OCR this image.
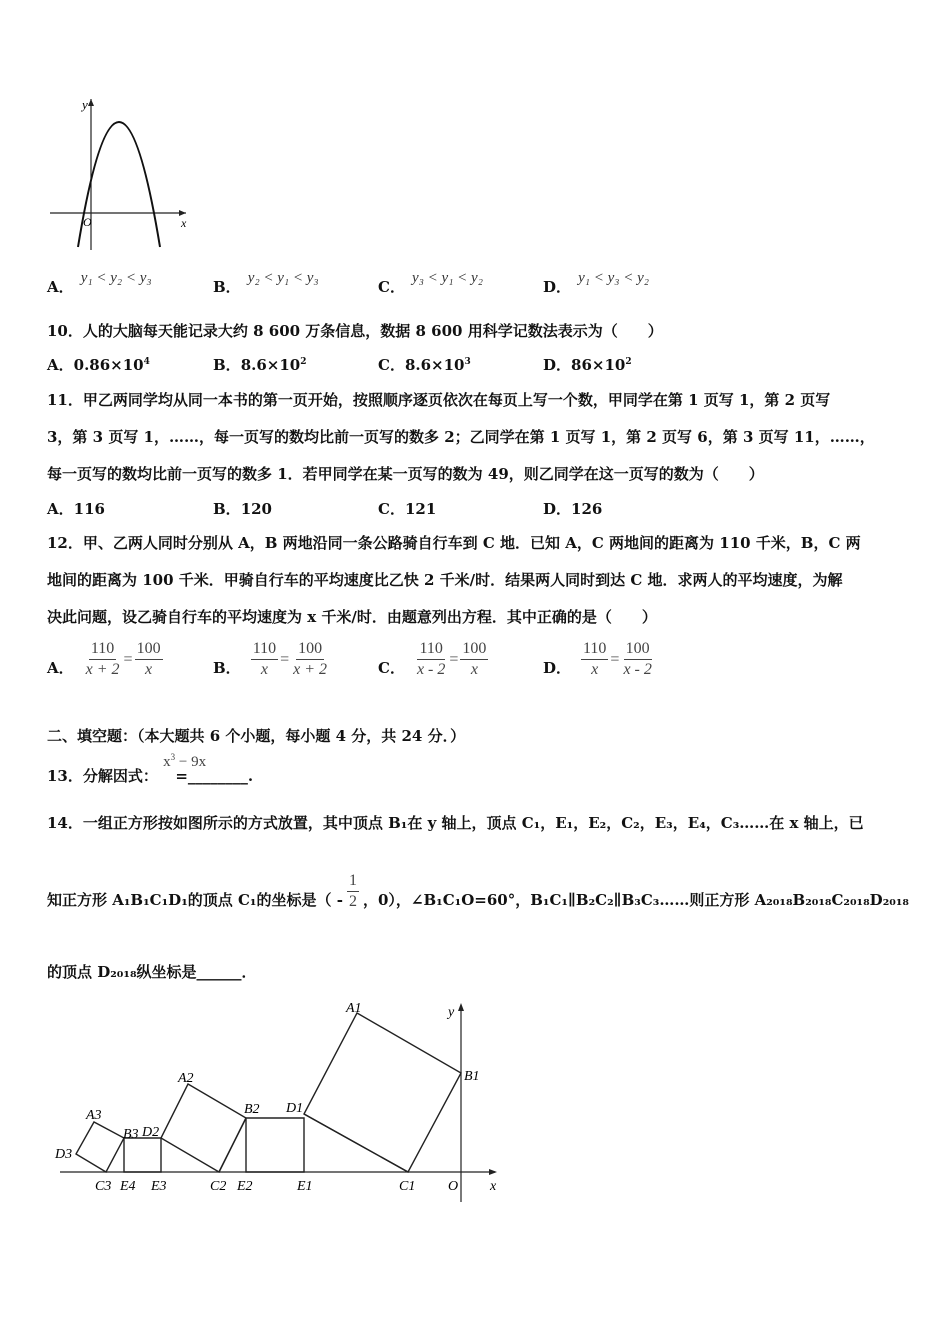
y
x
O
A． y₁ < y₂ < y₃	B． y₂ < y₁ < y₃	C． y₃ < y₁ < y₂	D． y₁ < y₃ < y₂
10．人的大脑每天能记录大约 8 600 万条信息，数据 8 600 用科学记数法表示为（　　）
A．$0.86\times 10^4$	B．$8.6\times 10^2$	C．$8.6\times 10^3$	D．$86\times 10^2$
11．甲乙两同学均从同一本书的第一页开始，按照顺序逐页依次在每页上写一个数，甲同学在第 1 页写 1，第 2 页写
3，第 3 页写 1，……，每一页写的数均比前一页写的数多 2；乙同学在第 1 页写 1，第 2 页写 6，第 3 页写 11，……，
每一页写的数均比前一页写的数多 1．若甲同学在某一页写的数为 49，则乙同学在这一页写的数为（　　）
A．116	B．120	C．121	D．126
12．甲、乙两人同时分别从 A，B 两地沿同一条公路骑自行车到 C 地．已知 A，C 两地间的距离为 110 千米，B，C 两
地间的距离为 100 千米．甲骑自行车的平均速度比乙快 2 千米/时．结果两人同时到达 C 地．求两人的平均速度，为解
决此问题，设乙骑自行车的平均速度为 x 千米/时．由题意列出方程．其中正确的是（　　）
A． $\frac{110}{x + 2} = \frac{100}{x}$	B． $\frac{110}{x} = \frac{100}{x + 2}$	C． $\frac{110}{x - 2} = \frac{100}{x}$	D． $\frac{110}{x} = \frac{100}{x - 2}$
二、填空题：（本大题共 6 个小题，每小题 4 分，共 24 分．）
13．分解因式： $x^3 - 9x$ =________.
14．一组正方形按如图所示的方式放置，其中顶点 B₁在 y 轴上，顶点 C₁，E₁，E₂，C₂，E₃，E₄，C₃……在 x 轴上，已
知正方形 A₁B₁C₁D₁的顶点 C₁的坐标是（ - $\frac{1}{2}$ ，0），∠B₁C₁O=60°，B₁C₁∥B₂C₂∥B₃C₃……则正方形 A₂₀₁₈B₂₀₁₈C₂₀₁₈D₂₀₁₈
的顶点 D₂₀₁₈纵坐标是______．
A1
B1
C1
D1
E1
A2
B2
C2
D2
E2
A3
B3
C3
D3
E3
E4	O x
y
